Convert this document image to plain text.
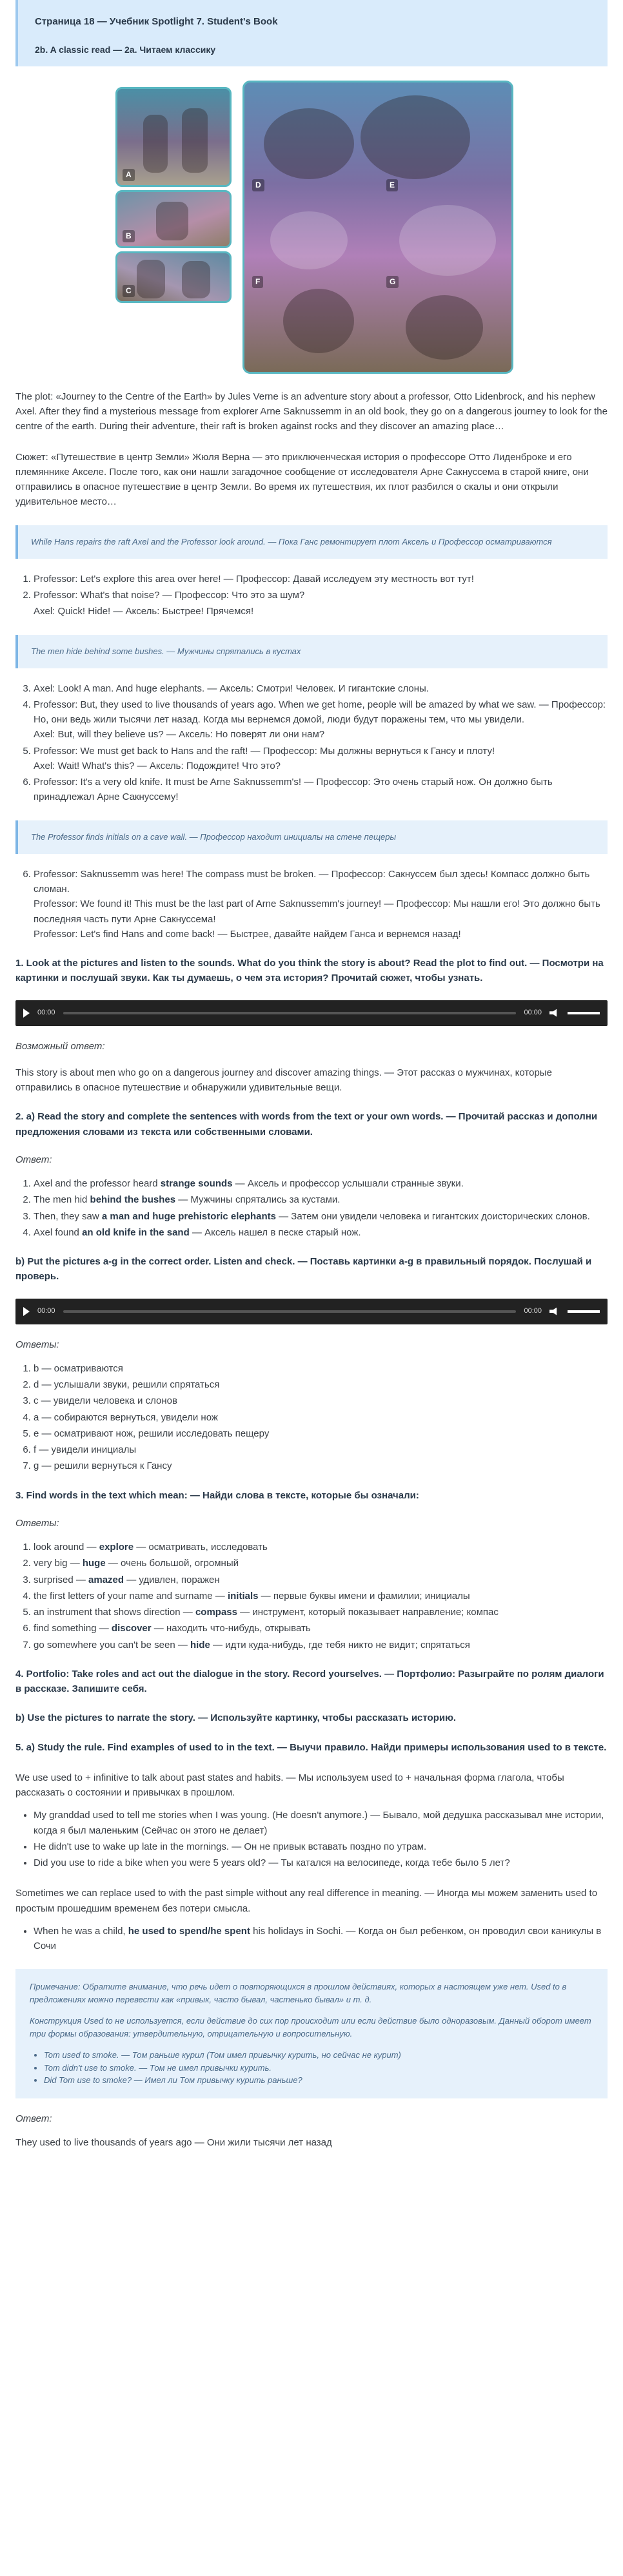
Страница 18 — Учебник Spotlight 7. Student's Book
2b. A classic read — 2a. Читаем классику
A
B
C
D	E
F	G

The plot: «Journey to the Centre of the Earth» by Jules Verne is an adventure story about a professor, Otto Lidenbrock, and his nephew Axel. After they find a mysterious message from explorer Arne Saknussemm in an old book, they go on a dangerous journey to look for the centre of the earth. During their adventure, their raft is broken against rocks and they discover an amazing place…

Сюжет: «Путешествие в центр Земли» Жюля Верна — это приключенческая история о профессоре Отто Лиденброке и его племяннике Акселе. После того, как они нашли загадочное сообщение от исследователя Арне Сакнуссема в старой книге, они отправились в опасное путешествие в центр Земли. Во время их путешествия, их плот разбился о скалы и они открыли удивительное место…

While Hans repairs the raft Axel and the Professor look around. — Пока Ганс ремонтирует плот Аксель и Профессор осматриваются
1. Professor: Let's explore this area over here! — Профессор: Давай исследуем эту местность вот тут!
2. Professor: What's that noise? — Профессор: Что это за шум?
Axel: Quick! Hide! — Аксель: Быстрее! Прячемся!
The men hide behind some bushes. — Мужчины спрятались в кустах
3. Axel: Look! A man. And huge elephants. — Аксель: Смотри! Человек. И гигантские слоны.
4. Professor: But, they used to live thousands of years ago. When we get home, people will be amazed by what we saw. — Профессор: Но, они ведь жили тысячи лет назад. Когда мы вернемся домой, люди будут поражены тем, что мы увидели.
Axel: But, will they believe us? — Аксель: Но поверят ли они нам?
5. Professor: We must get back to Hans and the raft! — Профессор: Мы должны вернуться к Гансу и плоту!
Axel: Wait! What's this? — Аксель: Подождите! Что это?
6. Professor: It's a very old knife. It must be Arne Saknussemm's! — Профессор: Это очень старый нож. Он должно быть принадлежал Арне Сакнуссему!
The Professor finds initials on a cave wall. — Профессор находит инициалы на стене пещеры
6. Professor: Saknussemm was here! The compass must be broken. — Профессор: Сакнуссем был здесь! Компасс должно быть сломан.
Professor: We found it! This must be the last part of Arne Saknussemm's journey! — Профессор: Мы нашли его! Это должно быть последняя часть пути Арне Сакнуссема!
Professor: Let's find Hans and come back! — Быстрее, давайте найдем Ганса и вернемся назад!
1. Look at the pictures and listen to the sounds. What do you think the story is about? Read the plot to find out. — Посмотри на картинки и послушай звуки. Как ты думаешь, о чем эта история? Прочитай сюжет, чтобы узнать.
00:00	00:00
Возможный ответ:

This story is about men who go on a dangerous journey and discover amazing things. — Этот рассказ о мужчинах, которые отправились в опасное путешествие и обнаружили удивительные вещи.

2. a) Read the story and complete the sentences with words from the text or your own words. — Прочитай рассказ и дополни предложения словами из текста или собственными словами.
Ответ:
1. Axel and the professor heard strange sounds — Аксель и профессор услышали странные звуки.
2. The men hid behind the bushes — Мужчины спрятались за кустами.
3. Then, they saw a man and huge prehistoric elephants — Затем они увидели человека и гигантских доисторических слонов.
4. Axel found an old knife in the sand — Аксель нашел в песке старый нож.
b) Put the pictures a-g in the correct order. Listen and check. — Поставь картинки a-g в правильный порядок. Послушай и проверь.
00:00	00:00
Ответы:
1. b — осматриваются
2. d — услышали звуки, решили спрятаться
3. c — увидели человека и слонов
4. a — собираются вернуться, увидели нож
5. e — осматривают нож, решили исследовать пещеру
6. f — увидели инициалы
7. g — решили вернуться к Гансу
3. Find words in the text which mean: — Найди слова в тексте, которые бы означали:
Ответы:
1. look around — explore — осматривать, исследовать
2. very big — huge — очень большой, огромный
3. surprised — amazed — удивлен, поражен
4. the first letters of your name and surname — initials — первые буквы имени и фамилии; инициалы
5. an instrument that shows direction — compass — инструмент, который показывает направление; компас
6. find something — discover — находить что-нибудь, открывать
7. go somewhere you can't be seen — hide — идти куда-нибудь, где тебя никто не видит; спрятаться
4. Portfolio: Take roles and act out the dialogue in the story. Record yourselves. — Портфолио: Разыграйте по ролям диалоги в рассказе. Запишите себя.
b) Use the pictures to narrate the story. — Используйте картинку, чтобы рассказать историю.
5. a) Study the rule. Find examples of used to in the text. — Выучи правило. Найди примеры использования used to в тексте.

We use used to + infinitive to talk about past states and habits. — Мы используем used to + начальная форма глагола, чтобы рассказать о состоянии и привычках в прошлом.

• My granddad used to tell me stories when I was young. (He doesn't anymore.) — Бывало, мой дедушка рассказывал мне истории, когда я был маленьким (Сейчас он этого не делает)
• He didn't use to wake up late in the mornings. — Он не привык вставать поздно по утрам.
• Did you use to ride a bike when you were 5 years old? — Ты катался на велосипеде, когда тебе было 5 лет?

Sometimes we can replace used to with the past simple without any real difference in meaning. — Иногда мы можем заменить used to простым прошедшим временем без потери смысла.

• When he was a child, he used to spend/he spent his holidays in Sochi. — Когда он был ребенком, он проводил свои каникулы в Сочи

Примечание: Обратите внимание, что речь идет о повторяющихся в прошлом действиях, которых в настоящем уже нет. Used to в предложениях можно перевести как «привык, часто бывал, частенько бывал» и т. д.

Конструкция Used to не используется, если действие до сих пор происходит или если действие было одноразовым. Данный оборот имеет три формы образования: утвердительную, отрицательную и вопросительную.

• Tom used to smoke. — Том раньше курил (Том имел привычку курить, но сейчас не курит)
• Tom didn't use to smoke. — Том не имел привычки курить.
• Did Tom use to smoke? — Имел ли Том привычку курить раньше?
Ответ:

They used to live thousands of years ago — Они жили тысячи лет назад
